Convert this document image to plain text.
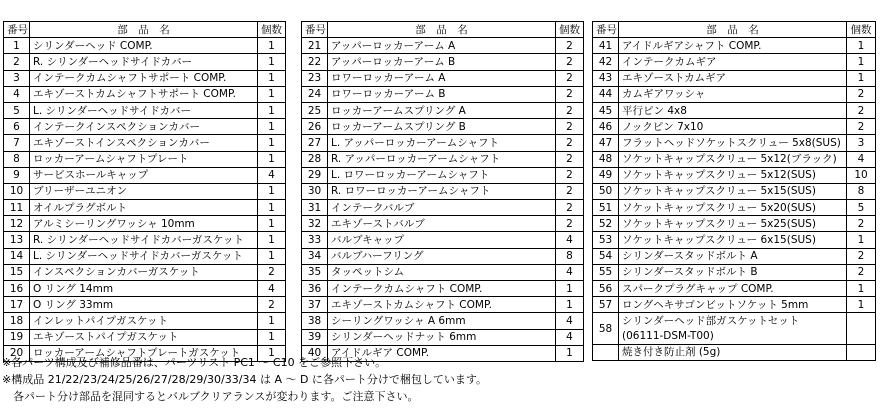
番号	部　品　名	個数
1	シリンダーヘッド COMP.	1
2	R. シリンダーヘッドサイドカバー	1
3	インテークカムシャフトサポート COMP.	1
4	エキゾーストカムシャフトサポート COMP.	1
5	L. シリンダーヘッドサイドカバー	1
6	インテークインスペクションカバー	1
7	エキゾーストインスペクションカバー	1
8	ロッカーアームシャフトプレート	1
9	サービスホールキャップ	4
10	ブリーザーユニオン	1
11	オイルプラグボルト	1
12	アルミシーリングワッシャ 10mm	1
13	R. シリンダーヘッドサイドカバーガスケット	1
14	L. シリンダーヘッドサイドカバーガスケット	1
15	インスペクションカバーガスケット	2
16	O リング 14mm	4
17	O リング 33mm	2
18	インレットパイプガスケット	1
19	エキゾーストパイプガスケット	1
20	ロッカーアームシャフトプレートガスケット	1
番号	部　品　名	個数
21	アッパーロッカーアーム A	2
22	アッパーロッカーアーム B	2
23	ロワーロッカーアーム A	2
24	ロワーロッカーアーム B	2
25	ロッカーアームスプリング A	2
26	ロッカーアームスプリング B	2
27	L. アッパーロッカーアームシャフト	2
28	R. アッパーロッカーアームシャフト	2
29	L. ロワーロッカーアームシャフト	2
30	R. ロワーロッカーアームシャフト	2
31	インテークバルブ	2
32	エキゾーストバルブ	2
33	バルブキャップ	4
34	バルブハーフリング	8
35	タッペットシム	4
36	インテークカムシャフト COMP.	1
37	エキゾーストカムシャフト COMP.	1
38	シーリングワッシャ A 6mm	4
39	シリンダーヘッドナット 6mm	4
40	アイドルギア COMP.	1
番号	部　品　名	個数
41	アイドルギアシャフト COMP.	1
42	インテークカムギア	1
43	エキゾーストカムギア	1
44	カムギアワッシャ	2
45	平行ピン 4x8	2
46	ノックピン 7x10	2
47	フラットヘッドソケットスクリュー 5x8(SUS)	3
48	ソケットキャップスクリュー 5x12(ブラック)	4
49	ソケットキャップスクリュー 5x12(SUS)	10
50	ソケットキャップスクリュー 5x15(SUS)	8
51	ソケットキャップスクリュー 5x20(SUS)	5
52	ソケットキャップスクリュー 5x25(SUS)	2
53	ソケットキャップスクリュー 6x15(SUS)	1
54	シリンダースタッドボルト A	2
55	シリンダースタッドボルト B	2
56	スパークプラグキャップ COMP.	1
57	ロングヘキサゴンビットソケット 5mm	1
58	シリンダーヘッド部ガスケットセット	
	(06111-DSM-T00)	
	焼き付き防止剤 (5g)	
※各パーツ構成及び補修品番は、パーツリスト PC1 ～ C10 をご参照下さい。
※構成品 21/22/23/24/25/26/27/28/29/30/33/34 は A ～ D に各パート分けで梱包しています。
　各パート分け部品を混同するとバルブクリアランスが変わります。ご注意下さい。
